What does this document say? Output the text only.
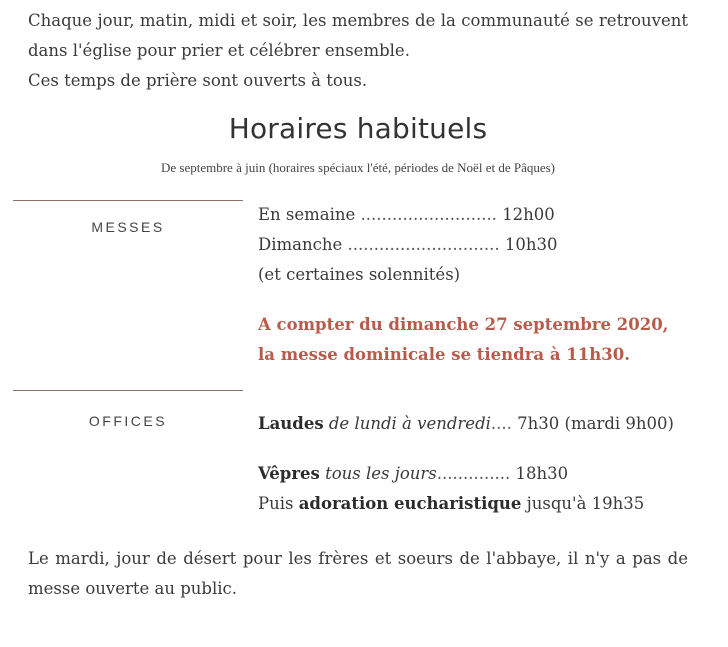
Chaque jour, matin, midi et soir, les membres de la communauté se retrouvent dans l'église pour prier et célébrer ensemble.

Ces temps de prière sont ouverts à tous.

Horaires habituels
De septembre à juin (horaires spéciaux l'été, périodes de Noël et de Pâques)
MESSES
En semaine .......................... 12h00
Dimanche ............................. 10h30
(et certaines solennités)
A compter du dimanche 27 septembre 2020,
la messe dominicale se tiendra à 11h30.
OFFICES	Laudes de lundi à vendredi.... 7h30 (mardi 9h00)
Vêpres tous les jours.............. 18h30
Puis adoration eucharistique jusqu'à 19h35
Le mardi, jour de désert pour les frères et soeurs de l'abbaye, il n'y a pas de messe ouverte au public.
